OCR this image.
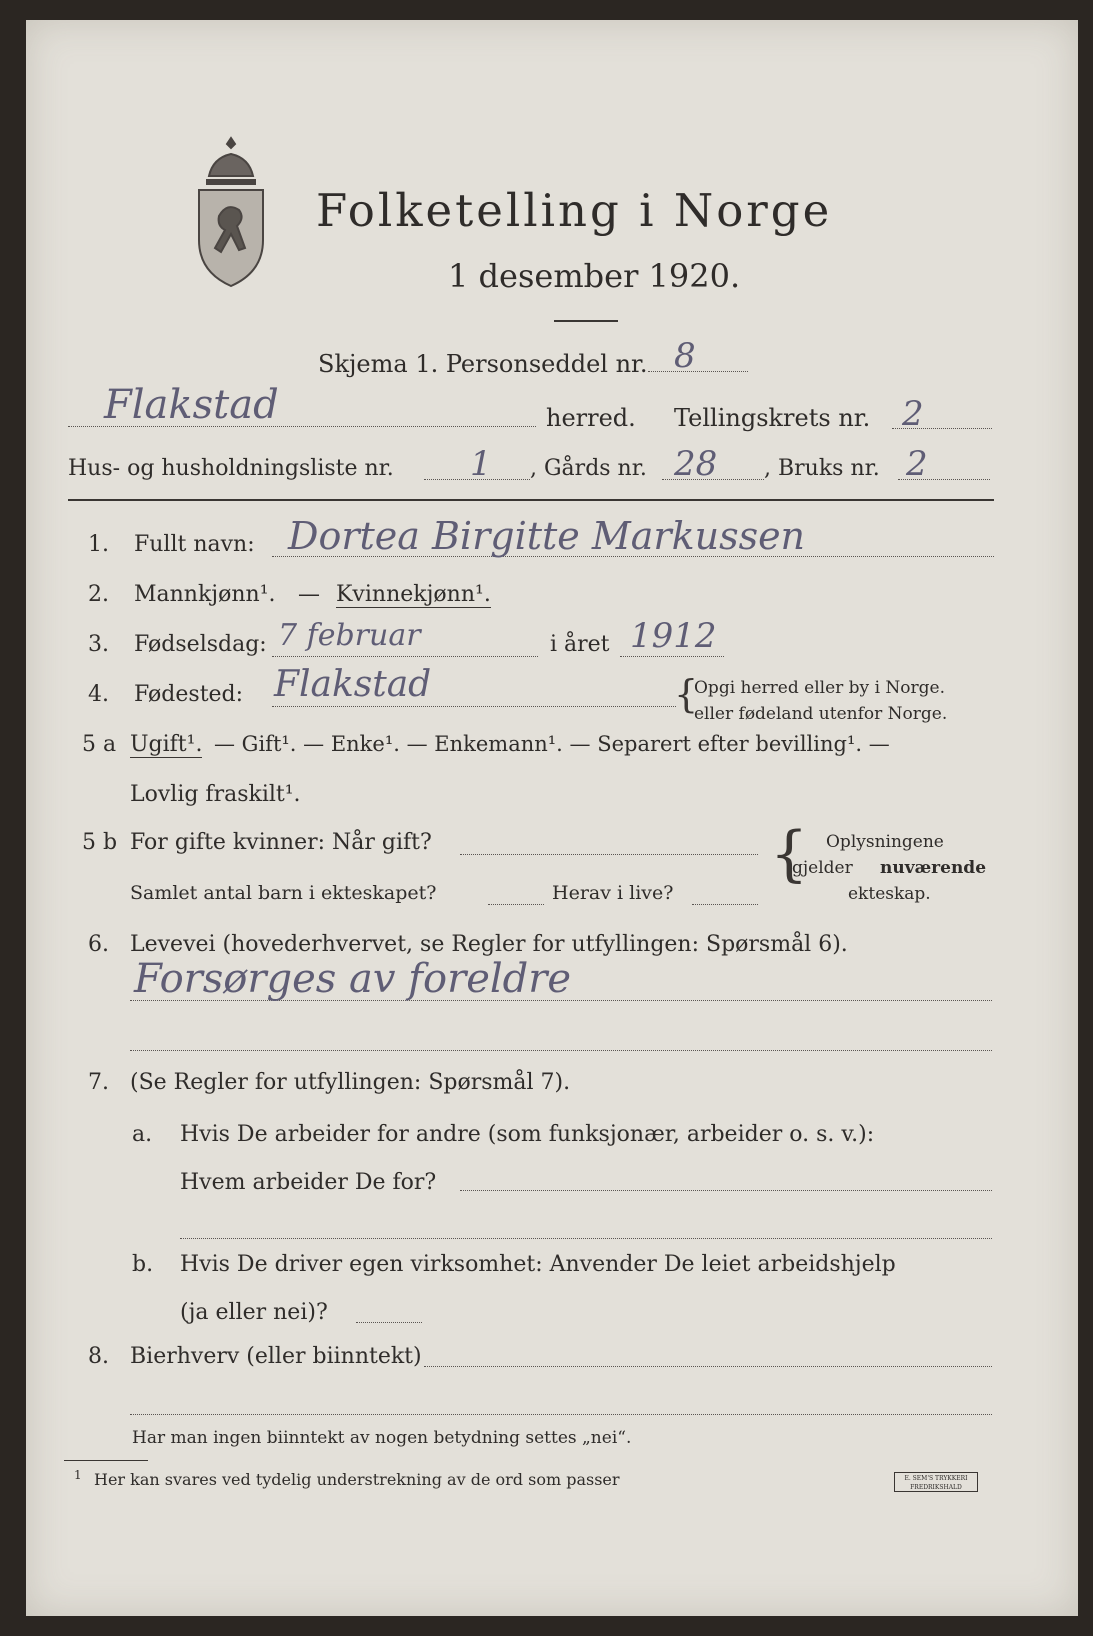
Folketelling i Norge
1 desember 1920.
Skjema 1. Personseddel nr. 8
Flakstad	herred. Tellingskrets nr. 2
Hus- og husholdningsliste nr. 1 , Gårds nr. 28 , Bruks nr. 2
1. Fullt navn: Dortea Birgitte Markussen
2. Mannkjønn¹. — Kvinnekjønn¹.
3. Fødselsdag: 7 februar	i året 1912
4. Fødested: Flakstad	{
Opgi herred eller by i Norge.
eller fødeland utenfor Norge.
5 a Ugift¹. — Gift¹. — Enke¹. — Enkemann¹. — Separert efter bevilling¹. —
Lovlig fraskilt¹.
5 b For gifte kvinner: Når gift?
Samlet antal barn i ekteskapet?	Herav i live?
{ Oplysningene
gjelder nuværende
ekteskap.
6. Levevei (hovederhvervet, se Regler for utfyllingen: Spørsmål 6).
Forsørges av foreldre
7. (Se Regler for utfyllingen: Spørsmål 7).
a. Hvis De arbeider for andre (som funksjonær, arbeider o. s. v.):
Hvem arbeider De for?
b. Hvis De driver egen virksomhet: Anvender De leiet arbeidshjelp
(ja eller nei)?
8. Bierhverv (eller biinntekt)
Har man ingen biinntekt av nogen betydning settes „nei“.
1 Her kan svares ved tydelig understrekning av de ord som passer	E. SEM'S TRYKKERI FREDRIKSHALD
